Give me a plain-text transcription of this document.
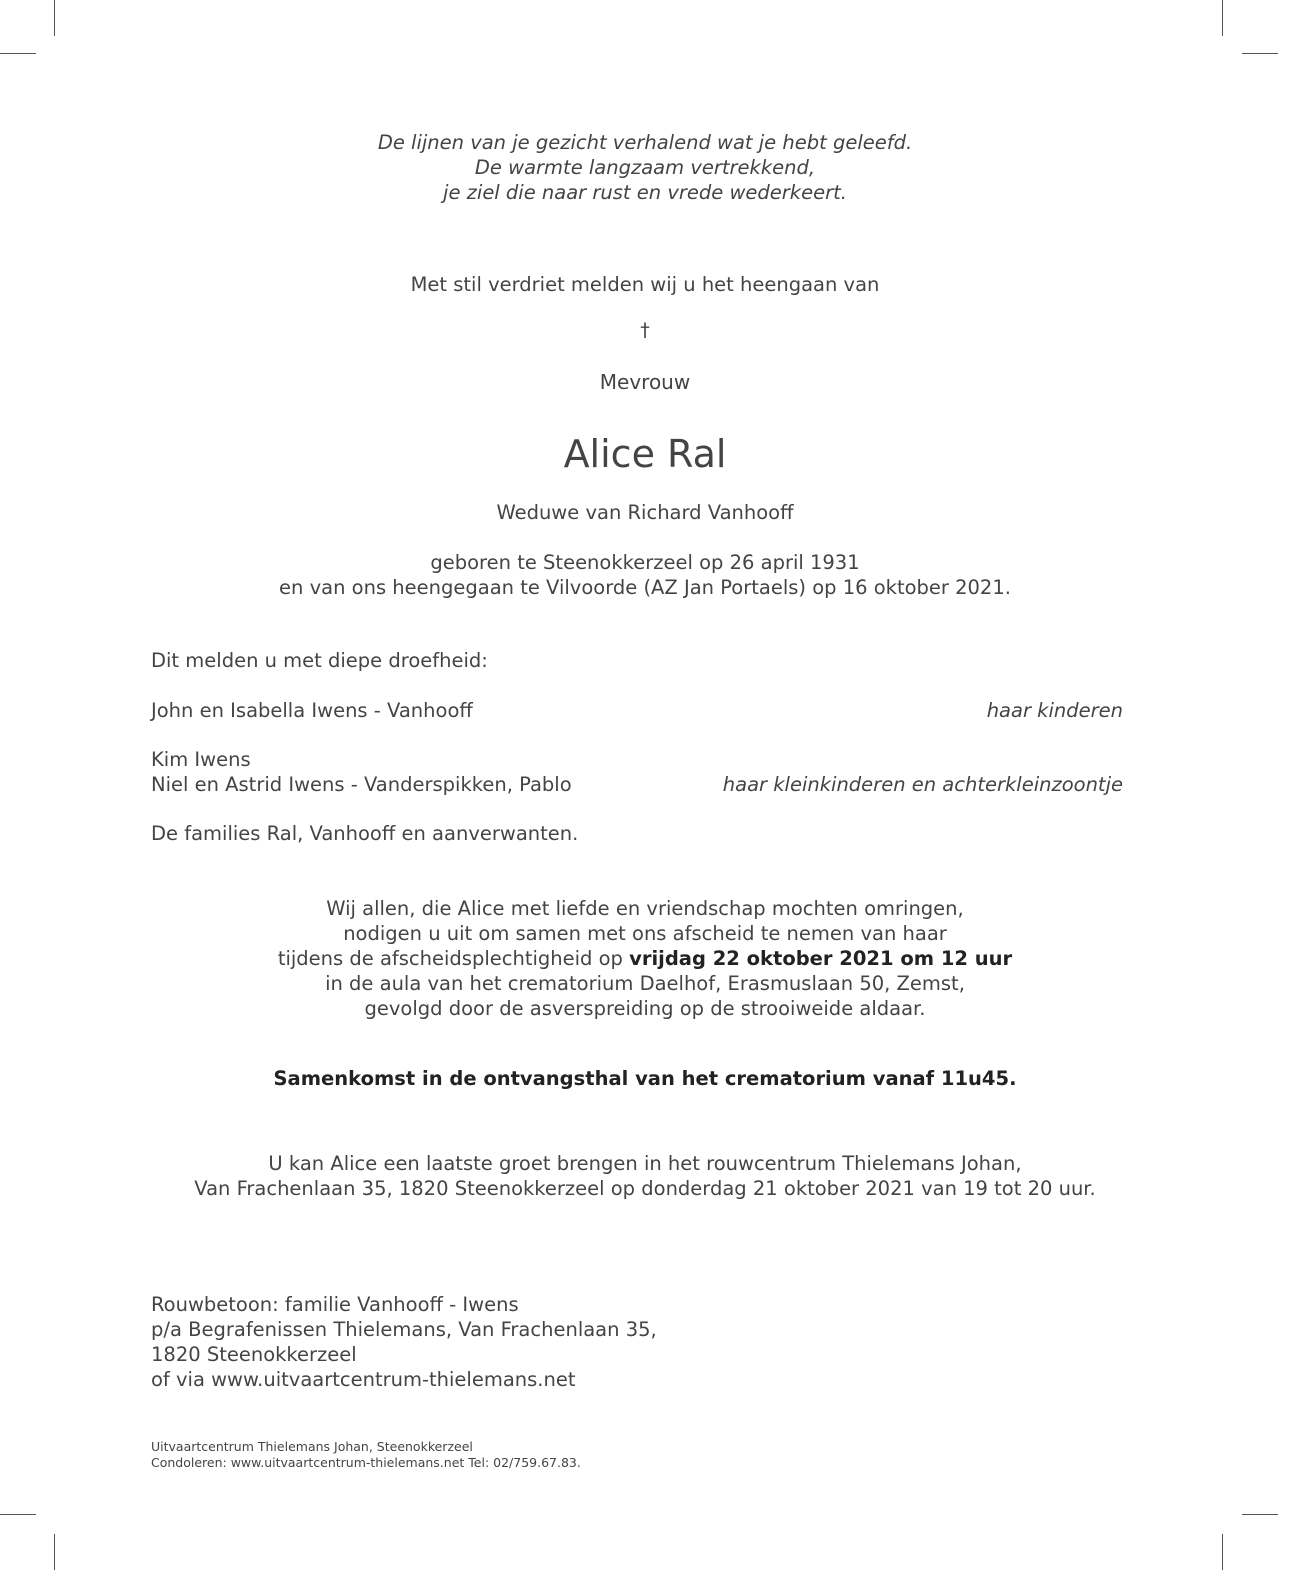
De lijnen van je gezicht verhalend wat je hebt geleefd.
De warmte langzaam vertrekkend,
je ziel die naar rust en vrede wederkeert.
Met stil verdriet melden wij u het heengaan van
†
Mevrouw
Alice Ral
Weduwe van Richard Vanhooff
geboren te Steenokkerzeel op 26 april 1931
en van ons heengegaan te Vilvoorde (AZ Jan Portaels) op 16 oktober 2021.
Dit melden u met diepe droefheid:
John en Isabella Iwens - Vanhooff	haar kinderen
Kim Iwens
Niel en Astrid Iwens - Vanderspikken, Pablo	haar kleinkinderen en achterkleinzoontje
De families Ral, Vanhooff en aanverwanten.
Wij allen, die Alice met liefde en vriendschap mochten omringen,
nodigen u uit om samen met ons afscheid te nemen van haar
tijdens de afscheidsplechtigheid op vrijdag 22 oktober 2021 om 12 uur
in de aula van het crematorium Daelhof, Erasmuslaan 50, Zemst,
gevolgd door de asverspreiding op de strooiweide aldaar.
Samenkomst in de ontvangsthal van het crematorium vanaf 11u45.
U kan Alice een laatste groet brengen in het rouwcentrum Thielemans Johan,
Van Frachenlaan 35, 1820 Steenokkerzeel op donderdag 21 oktober 2021 van 19 tot 20 uur.
Rouwbetoon: familie Vanhooff - Iwens
p/a Begrafenissen Thielemans, Van Frachenlaan 35,
1820 Steenokkerzeel
of via www.uitvaartcentrum-thielemans.net
Uitvaartcentrum Thielemans Johan, Steenokkerzeel
Condoleren: www.uitvaartcentrum-thielemans.net Tel: 02/759.67.83.
